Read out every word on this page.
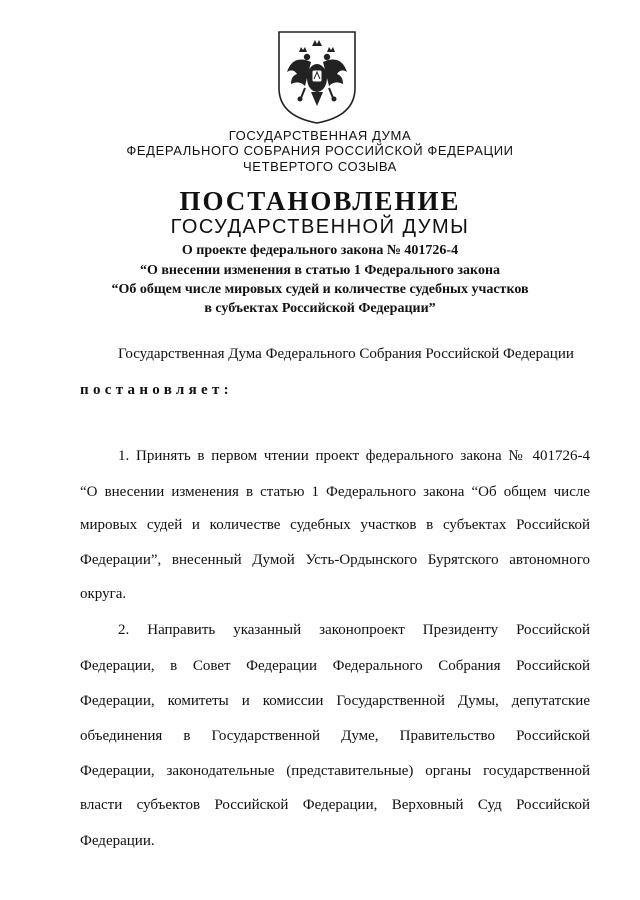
ГОСУДАРСТВЕННАЯ ДУМА
ФЕДЕРАЛЬНОГО СОБРАНИЯ РОССИЙСКОЙ ФЕДЕРАЦИИ
ЧЕТВЕРТОГО СОЗЫВА
ПОСТАНОВЛЕНИЕ
ГОСУДАРСТВЕННОЙ ДУМЫ
О проекте федерального закона № 401726-4
“О внесении изменения в статью 1 Федерального закона
“Об общем числе мировых судей и количестве судебных участков
в субъектах Российской Федерации”
Государственная Дума Федерального Собрания Российской Федерации
постановляет:
1. Принять в первом чтении проект федерального закона № 401726-4
“О внесении изменения в статью 1 Федерального закона “Об общем числе
мировых судей и количестве судебных участков в субъектах Российской
Федерации”, внесенный Думой Усть-Ордынского Бурятского автономного
округа.
2. Направить указанный законопроект Президенту Российской
Федерации, в Совет Федерации Федерального Собрания Российской
Федерации, комитеты и комиссии Государственной Думы, депутатские
объединения в Государственной Думе, Правительство Российской
Федерации, законодательные (представительные) органы государственной
власти субъектов Российской Федерации, Верховный Суд Российской
Федерации.
